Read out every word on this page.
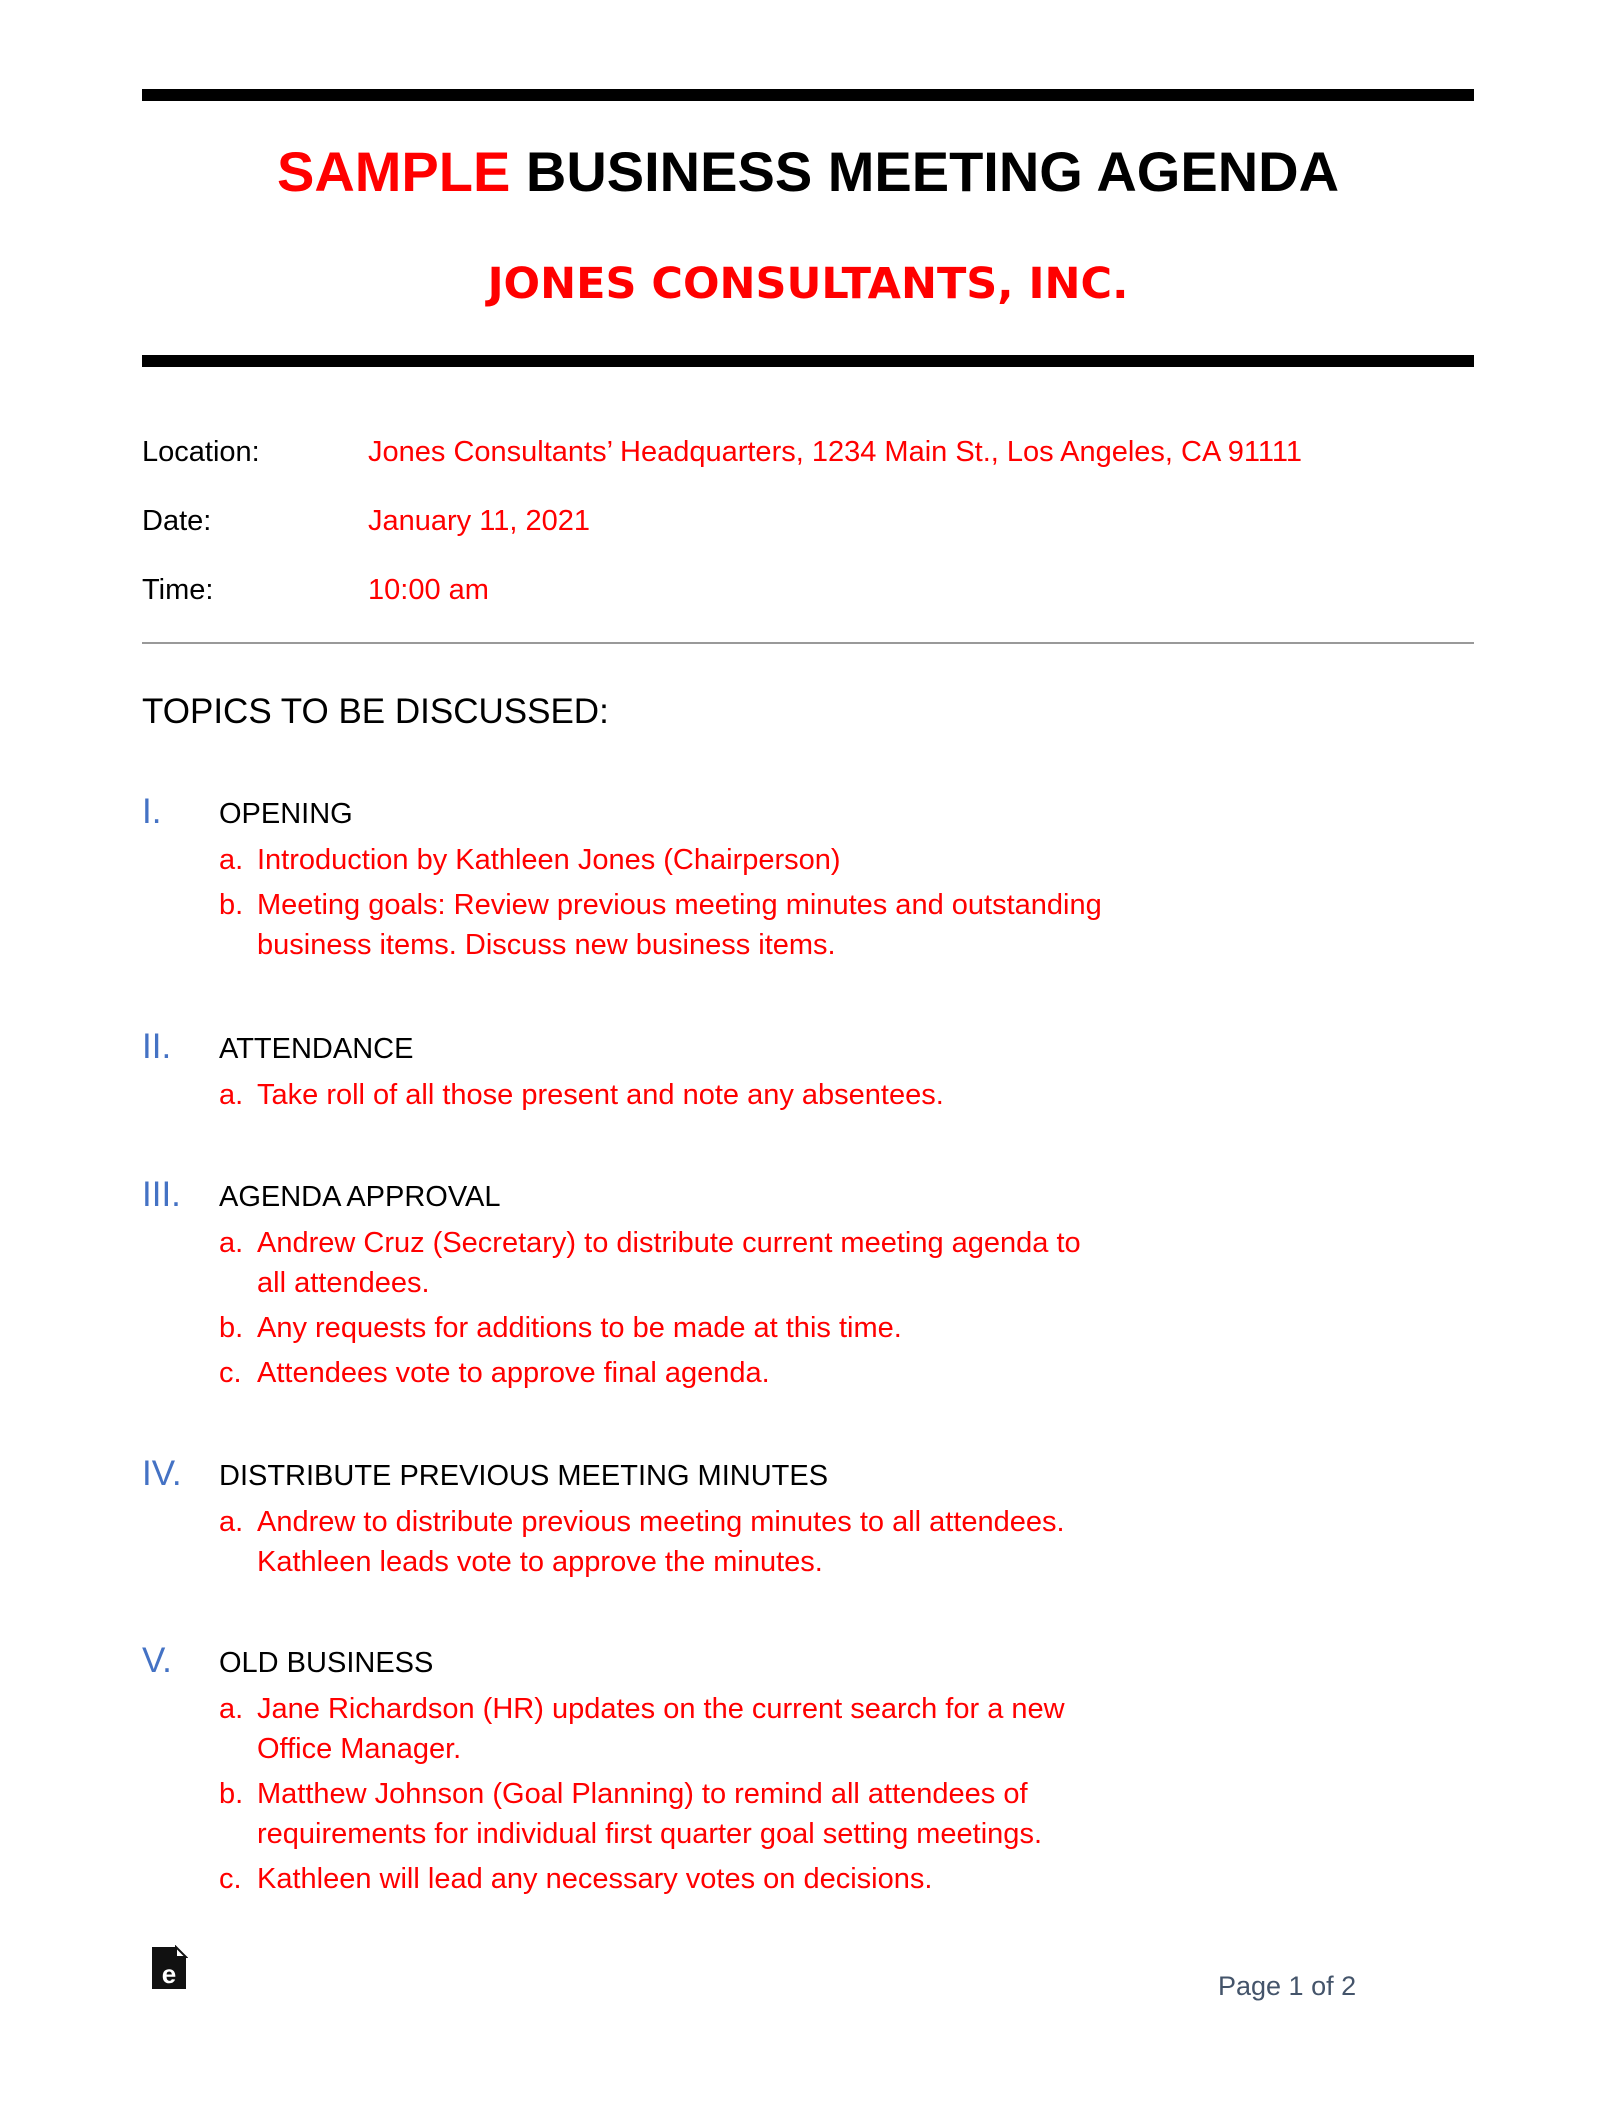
SAMPLE BUSINESS MEETING AGENDA
JONES CONSULTANTS, INC.
Location:	Jones Consultants’ Headquarters, 1234 Main St., Los Angeles, CA 91111
Date:	January 11, 2021
Time:	10:00 am
TOPICS TO BE DISCUSSED:
I. OPENING
a. Introduction by Kathleen Jones (Chairperson)
b. Meeting goals: Review previous meeting minutes and outstanding
business items. Discuss new business items.
II. ATTENDANCE
a. Take roll of all those present and note any absentees.
III. AGENDA APPROVAL
a. Andrew Cruz (Secretary) to distribute current meeting agenda to
all attendees.
b. Any requests for additions to be made at this time.
c. Attendees vote to approve final agenda.
IV. DISTRIBUTE PREVIOUS MEETING MINUTES
a. Andrew to distribute previous meeting minutes to all attendees.
Kathleen leads vote to approve the minutes.
V. OLD BUSINESS
a. Jane Richardson (HR) updates on the current search for a new
Office Manager.
b. Matthew Johnson (Goal Planning) to remind all attendees of
requirements for individual first quarter goal setting meetings.
c. Kathleen will lead any necessary votes on decisions.
e	Page 1 of 2
